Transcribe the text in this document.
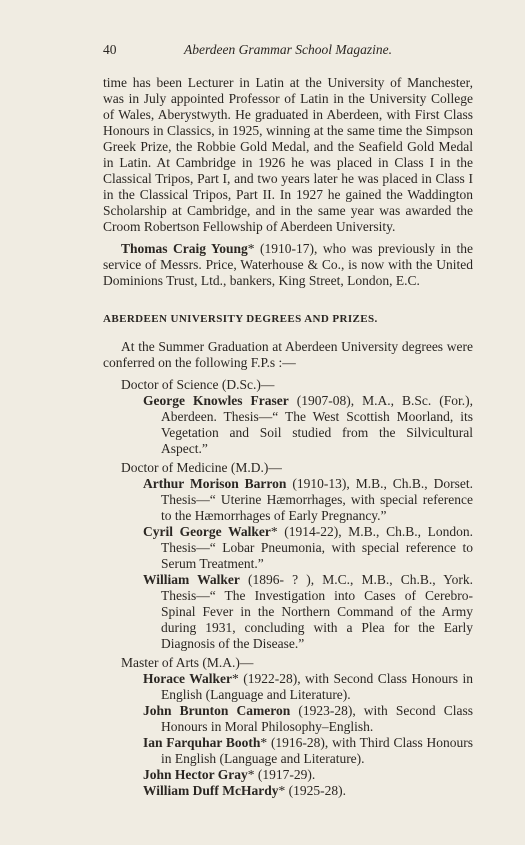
40	Aberdeen Grammar School Magazine.

time has been Lecturer in Latin at the University of Manchester, was in July appointed Professor of Latin in the University College of Wales, Aberystwyth. He graduated in Aberdeen, with First Class Honours in Classics, in 1925, winning at the same time the Simpson Greek Prize, the Robbie Gold Medal, and the Seafield Gold Medal in Latin. At Cambridge in 1926 he was placed in Class I in the Classical Tripos, Part I, and two years later he was placed in Class I in the Classical Tripos, Part II. In 1927 he gained the Waddington Scholarship at Cambridge, and in the same year was awarded the Croom Robertson Fellowship of Aberdeen University.

Thomas Craig Young* (1910-17), who was previously in the service of Messrs. Price, Waterhouse & Co., is now with the United Dominions Trust, Ltd., bankers, King Street, London, E.C.

ABERDEEN UNIVERSITY DEGREES AND PRIZES.

At the Summer Graduation at Aberdeen University degrees were conferred on the following F.P.s :—

Doctor of Science (D.Sc.)—

George Knowles Fraser (1907-08), M.A., B.Sc. (For.), Aberdeen. Thesis—“ The West Scottish Moorland, its Vegetation and Soil studied from the Silvicultural Aspect.”

Doctor of Medicine (M.D.)—

Arthur Morison Barron (1910-13), M.B., Ch.B., Dorset. Thesis—“ Uterine Hæmorrhages, with special reference to the Hæmorrhages of Early Pregnancy.”

Cyril George Walker* (1914-22), M.B., Ch.B., London. Thesis—“ Lobar Pneumonia, with special reference to Serum Treatment.”

William Walker (1896- ? ), M.C., M.B., Ch.B., York. Thesis—“ The Investigation into Cases of Cerebro-Spinal Fever in the Northern Command of the Army during 1931, concluding with a Plea for the Early Diagnosis of the Disease.”

Master of Arts (M.A.)—

Horace Walker* (1922-28), with Second Class Honours in English (Language and Literature).

John Brunton Cameron (1923-28), with Second Class Honours in Moral Philosophy–English.

Ian Farquhar Booth* (1916-28), with Third Class Honours in English (Language and Literature).

John Hector Gray* (1917-29).

William Duff McHardy* (1925-28).
